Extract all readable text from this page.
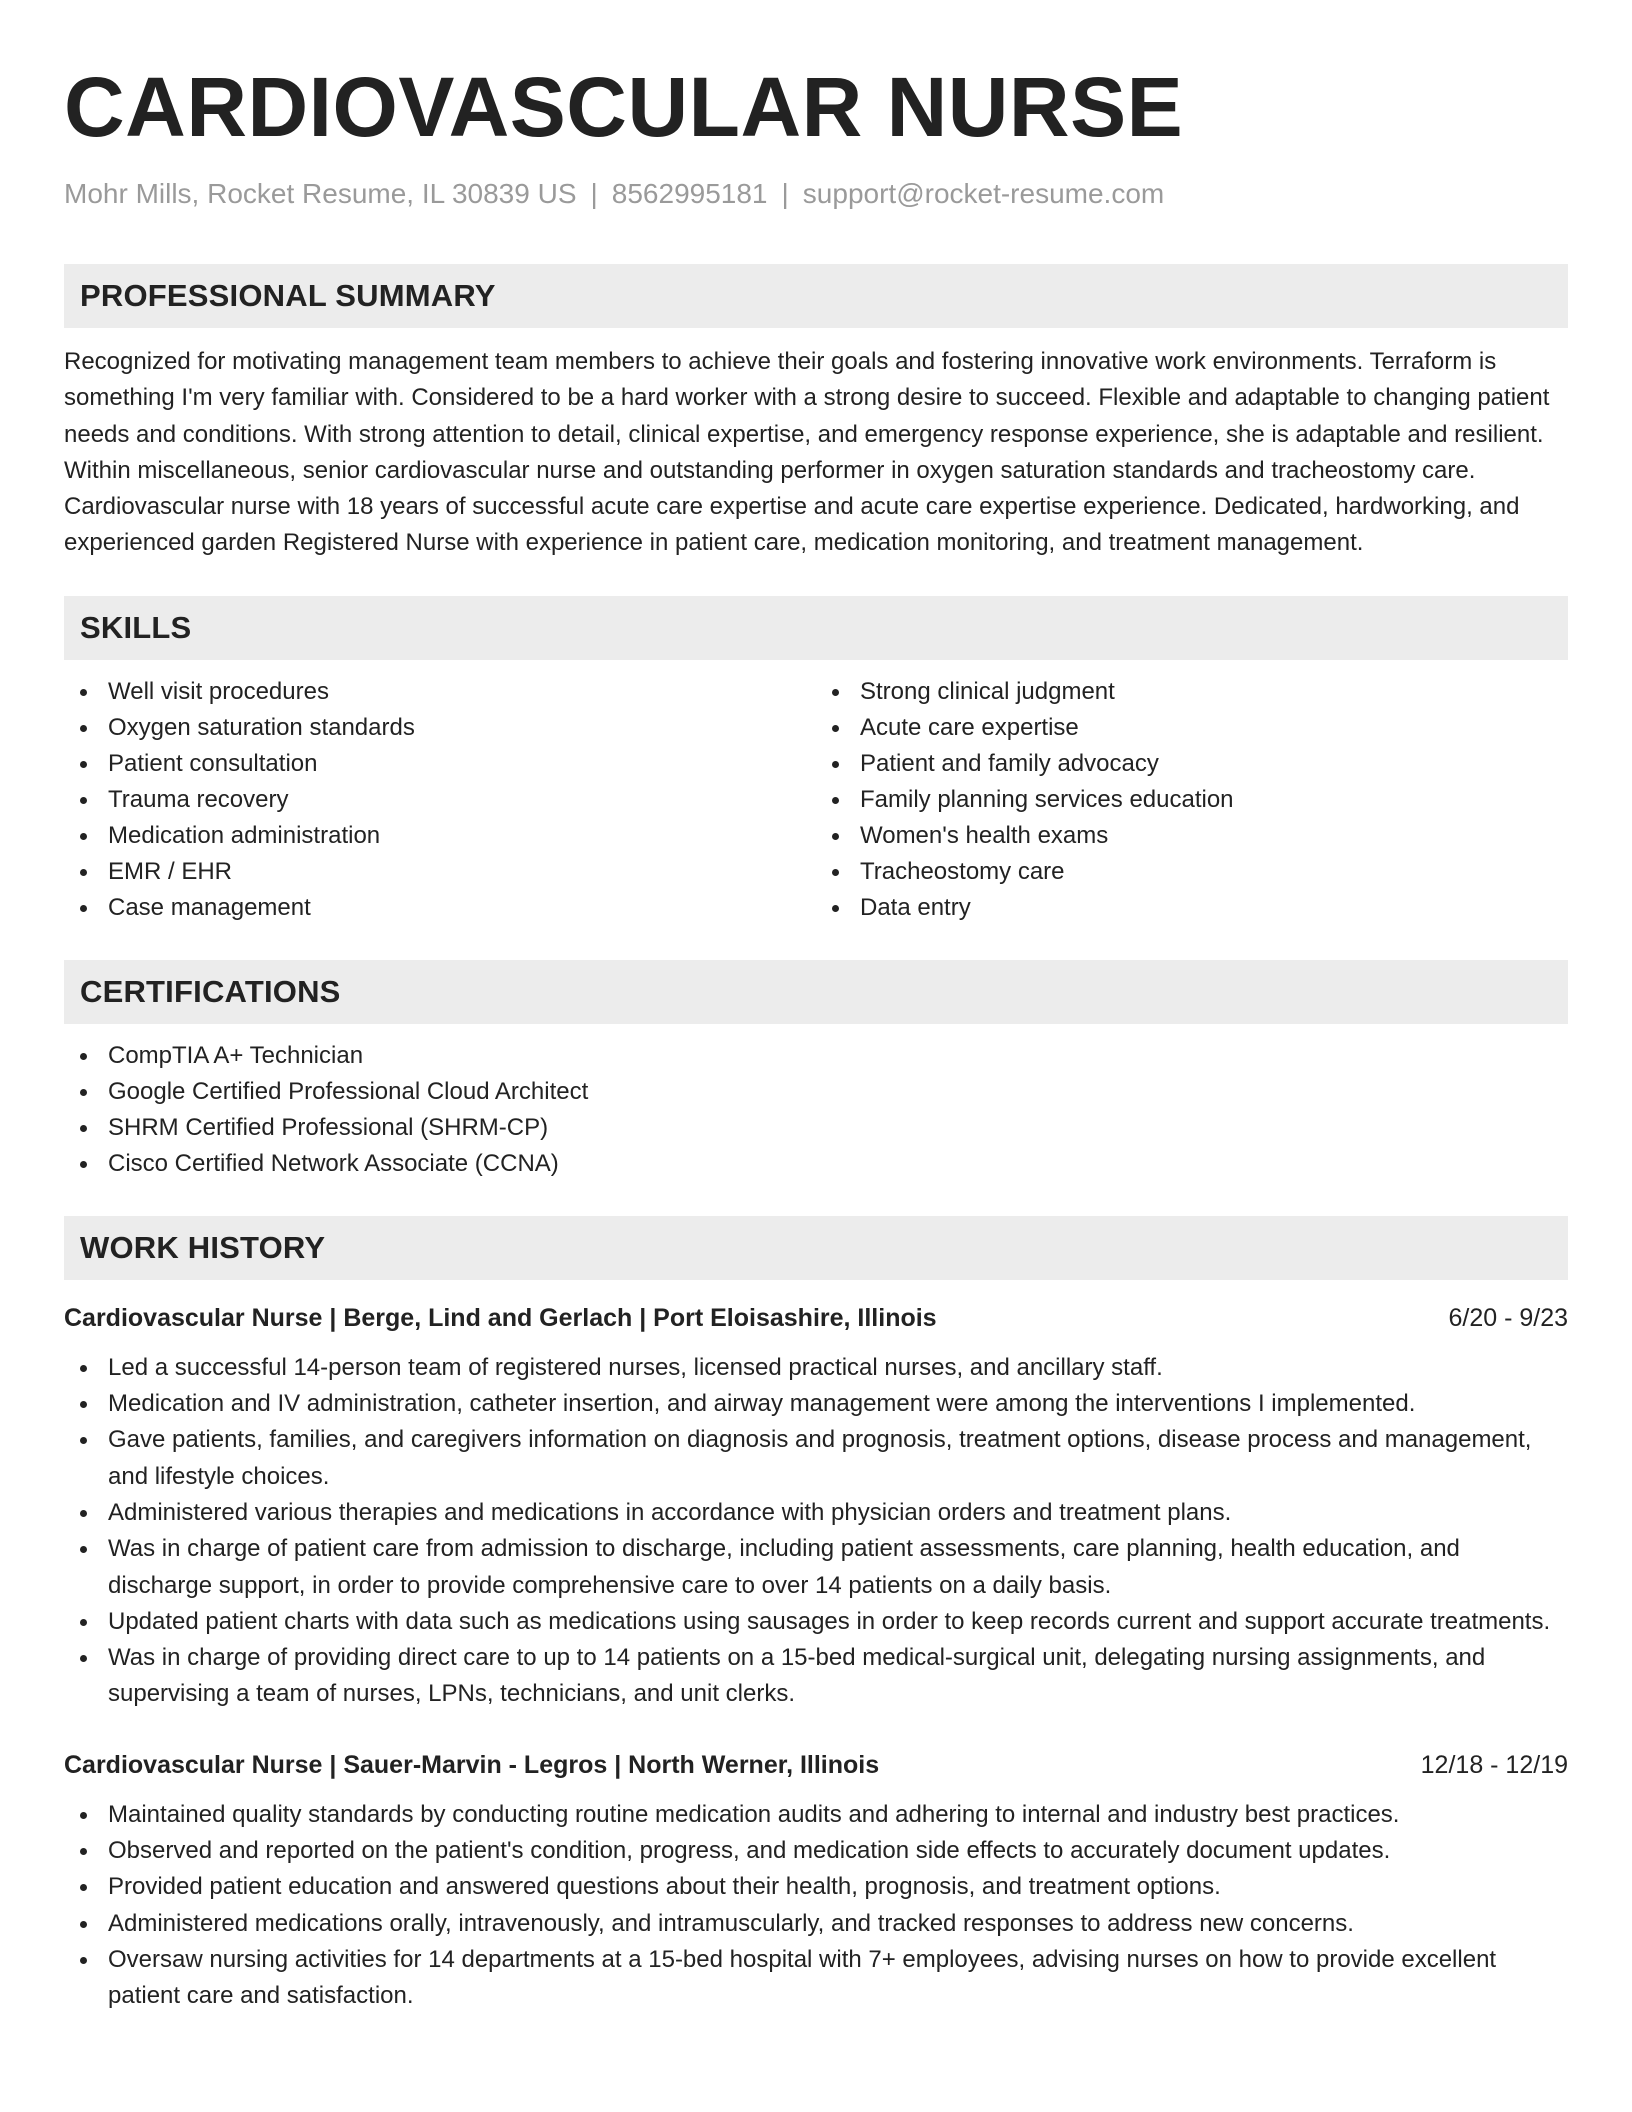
CARDIOVASCULAR NURSE
Mohr Mills, Rocket Resume, IL 30839 US | 8562995181 | support@rocket-resume.com
PROFESSIONAL SUMMARY
Recognized for motivating management team members to achieve their goals and fostering innovative work environments. Terraform is something I'm very familiar with. Considered to be a hard worker with a strong desire to succeed. Flexible and adaptable to changing patient needs and conditions. With strong attention to detail, clinical expertise, and emergency response experience, she is adaptable and resilient. Within miscellaneous, senior cardiovascular nurse and outstanding performer in oxygen saturation standards and tracheostomy care. Cardiovascular nurse with 18 years of successful acute care expertise and acute care expertise experience. Dedicated, hardworking, and experienced garden Registered Nurse with experience in patient care, medication monitoring, and treatment management.
SKILLS
Well visit procedures
Oxygen saturation standards
Patient consultation
Trauma recovery
Medication administration
EMR / EHR
Case management
Strong clinical judgment
Acute care expertise
Patient and family advocacy
Family planning services education
Women's health exams
Tracheostomy care
Data entry
CERTIFICATIONS
CompTIA A+ Technician
Google Certified Professional Cloud Architect
SHRM Certified Professional (SHRM-CP)
Cisco Certified Network Associate (CCNA)
WORK HISTORY
Cardiovascular Nurse | Berge, Lind and Gerlach | Port Eloisashire, Illinois	6/20 - 9/23
Led a successful 14-person team of registered nurses, licensed practical nurses, and ancillary staff.
Medication and IV administration, catheter insertion, and airway management were among the interventions I implemented.
Gave patients, families, and caregivers information on diagnosis and prognosis, treatment options, disease process and management, and lifestyle choices.
Administered various therapies and medications in accordance with physician orders and treatment plans.
Was in charge of patient care from admission to discharge, including patient assessments, care planning, health education, and discharge support, in order to provide comprehensive care to over 14 patients on a daily basis.
Updated patient charts with data such as medications using sausages in order to keep records current and support accurate treatments.
Was in charge of providing direct care to up to 14 patients on a 15-bed medical-surgical unit, delegating nursing assignments, and supervising a team of nurses, LPNs, technicians, and unit clerks.
Cardiovascular Nurse | Sauer-Marvin - Legros | North Werner, Illinois	12/18 - 12/19
Maintained quality standards by conducting routine medication audits and adhering to internal and industry best practices.
Observed and reported on the patient's condition, progress, and medication side effects to accurately document updates.
Provided patient education and answered questions about their health, prognosis, and treatment options.
Administered medications orally, intravenously, and intramuscularly, and tracked responses to address new concerns.
Oversaw nursing activities for 14 departments at a 15-bed hospital with 7+ employees, advising nurses on how to provide excellent patient care and satisfaction.
